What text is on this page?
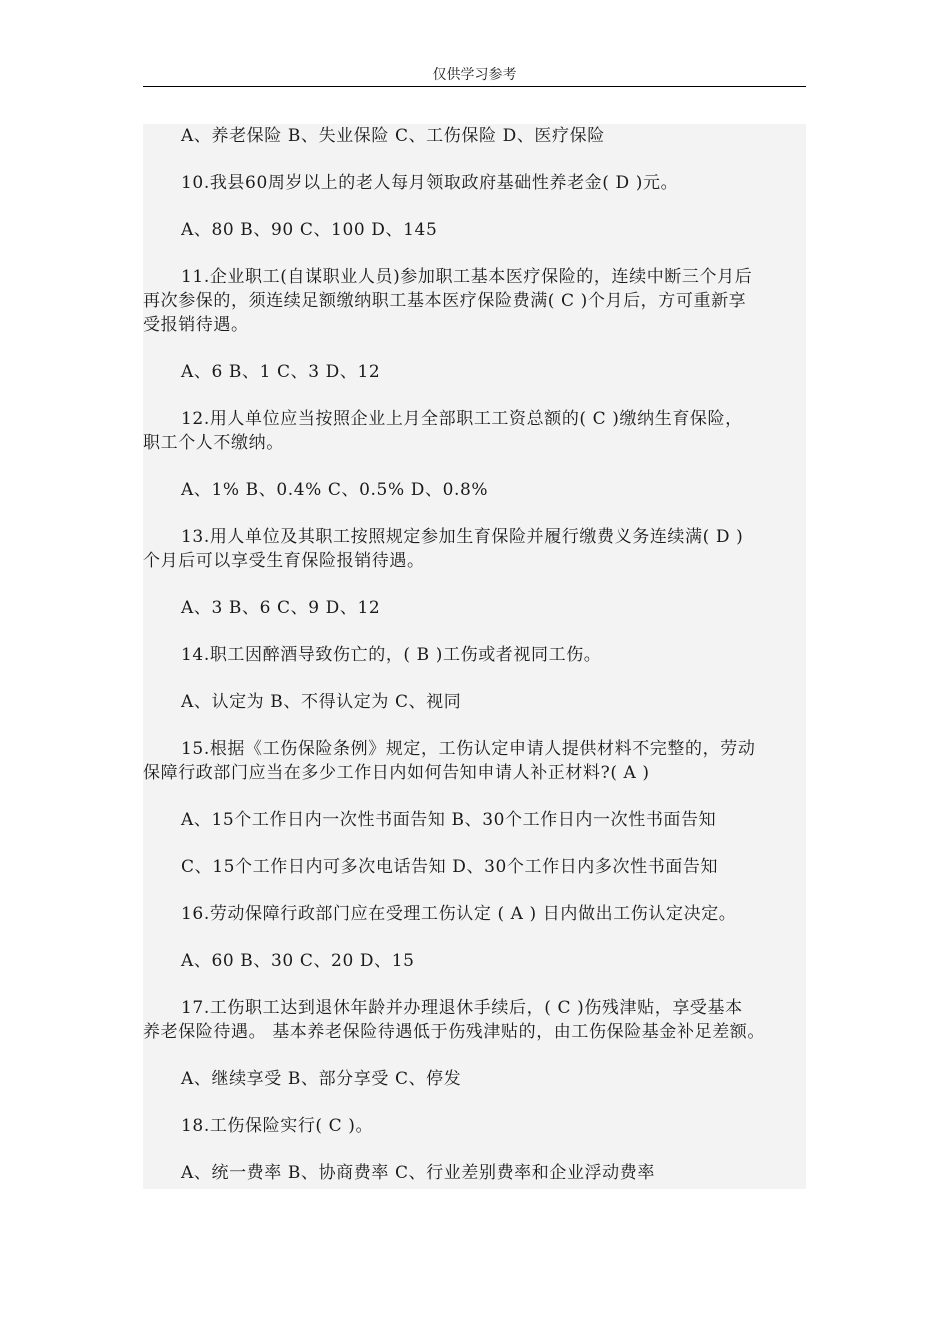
仅供学习参考
A、养老保险 B、失业保险 C、工伤保险 D、医疗保险
10.我县60周岁以上的老人每月领取政府基础性养老金( D )元。
A、80 B、90 C、100 D、145
11.企业职工(自谋职业人员)参加职工基本医疗保险的，连续中断三个月后
再次参保的，须连续足额缴纳职工基本医疗保险费满( C )个月后，方可重新享
受报销待遇。
A、6 B、1 C、3 D、12
12.用人单位应当按照企业上月全部职工工资总额的( C )缴纳生育保险，
职工个人不缴纳。
A、1% B、0.4% C、0.5% D、0.8%
13.用人单位及其职工按照规定参加生育保险并履行缴费义务连续满( D )
个月后可以享受生育保险报销待遇。
A、3 B、6 C、9 D、12
14.职工因醉酒导致伤亡的，( B )工伤或者视同工伤。
A、认定为 B、不得认定为 C、视同
15.根据《工伤保险条例》规定，工伤认定申请人提供材料不完整的，劳动
保障行政部门应当在多少工作日内如何告知申请人补正材料?( A )
A、15个工作日内一次性书面告知 B、30个工作日内一次性书面告知
C、15个工作日内可多次电话告知 D、30个工作日内多次性书面告知
16.劳动保障行政部门应在受理工伤认定 ( A ) 日内做出工伤认定决定。
A、60 B、30 C、20 D、15
17.工伤职工达到退休年龄并办理退休手续后，( C )伤残津贴，享受基本
养老保险待遇。 基本养老保险待遇低于伤残津贴的，由工伤保险基金补足差额。
A、继续享受 B、部分享受 C、停发
18.工伤保险实行( C )。
A、统一费率 B、协商费率 C、行业差别费率和企业浮动费率
